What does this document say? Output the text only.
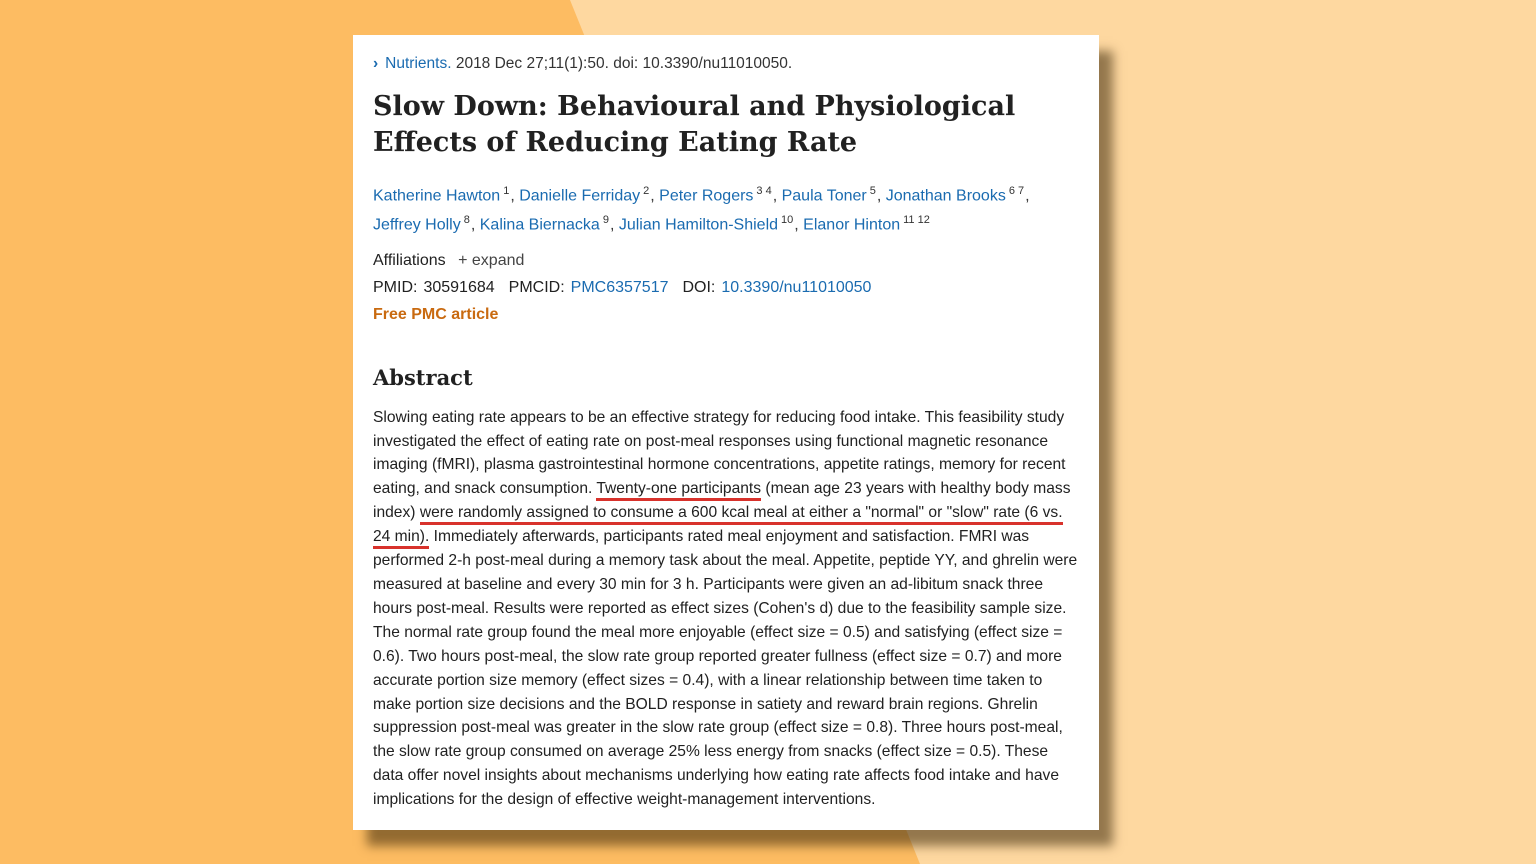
› Nutrients. 2018 Dec 27;11(1):50. doi: 10.3390/nu11010050.
Slow Down: Behavioural and Physiological Effects of Reducing Eating Rate
Katherine Hawton $^1$, Danielle Ferriday $^2$, Peter Rogers $^{3 4}$, Paula Toner $^5$, Jonathan Brooks $^{6 7}$,
Jeffrey Holly $^8$, Kalina Biernacka $^9$, Julian Hamilton-Shield $^{10}$, Elanor Hinton $^{11 12}$
Affiliations + expand
PMID: 30591684 PMCID: PMC6357517 DOI: 10.3390/nu11010050
Free PMC article
Abstract
Slowing eating rate appears to be an effective strategy for reducing food intake. This feasibility study investigated the effect of eating rate on post-meal responses using functional magnetic resonance imaging (fMRI), plasma gastrointestinal hormone concentrations, appetite ratings, memory for recent eating, and snack consumption. Twenty-one participants (mean age 23 years with healthy body mass index) were randomly assigned to consume a 600 kcal meal at either a "normal" or "slow" rate (6 vs. 24 min). Immediately afterwards, participants rated meal enjoyment and satisfaction. FMRI was performed 2-h post-meal during a memory task about the meal. Appetite, peptide YY, and ghrelin were measured at baseline and every 30 min for 3 h. Participants were given an ad-libitum snack three hours post-meal. Results were reported as effect sizes (Cohen's d) due to the feasibility sample size. The normal rate group found the meal more enjoyable (effect size = 0.5) and satisfying (effect size = 0.6). Two hours post-meal, the slow rate group reported greater fullness (effect size = 0.7) and more accurate portion size memory (effect sizes = 0.4), with a linear relationship between time taken to make portion size decisions and the BOLD response in satiety and reward brain regions. Ghrelin suppression post-meal was greater in the slow rate group (effect size = 0.8). Three hours post-meal, the slow rate group consumed on average 25% less energy from snacks (effect size = 0.5). These data offer novel insights about mechanisms underlying how eating rate affects food intake and have implications for the design of effective weight-management interventions.
